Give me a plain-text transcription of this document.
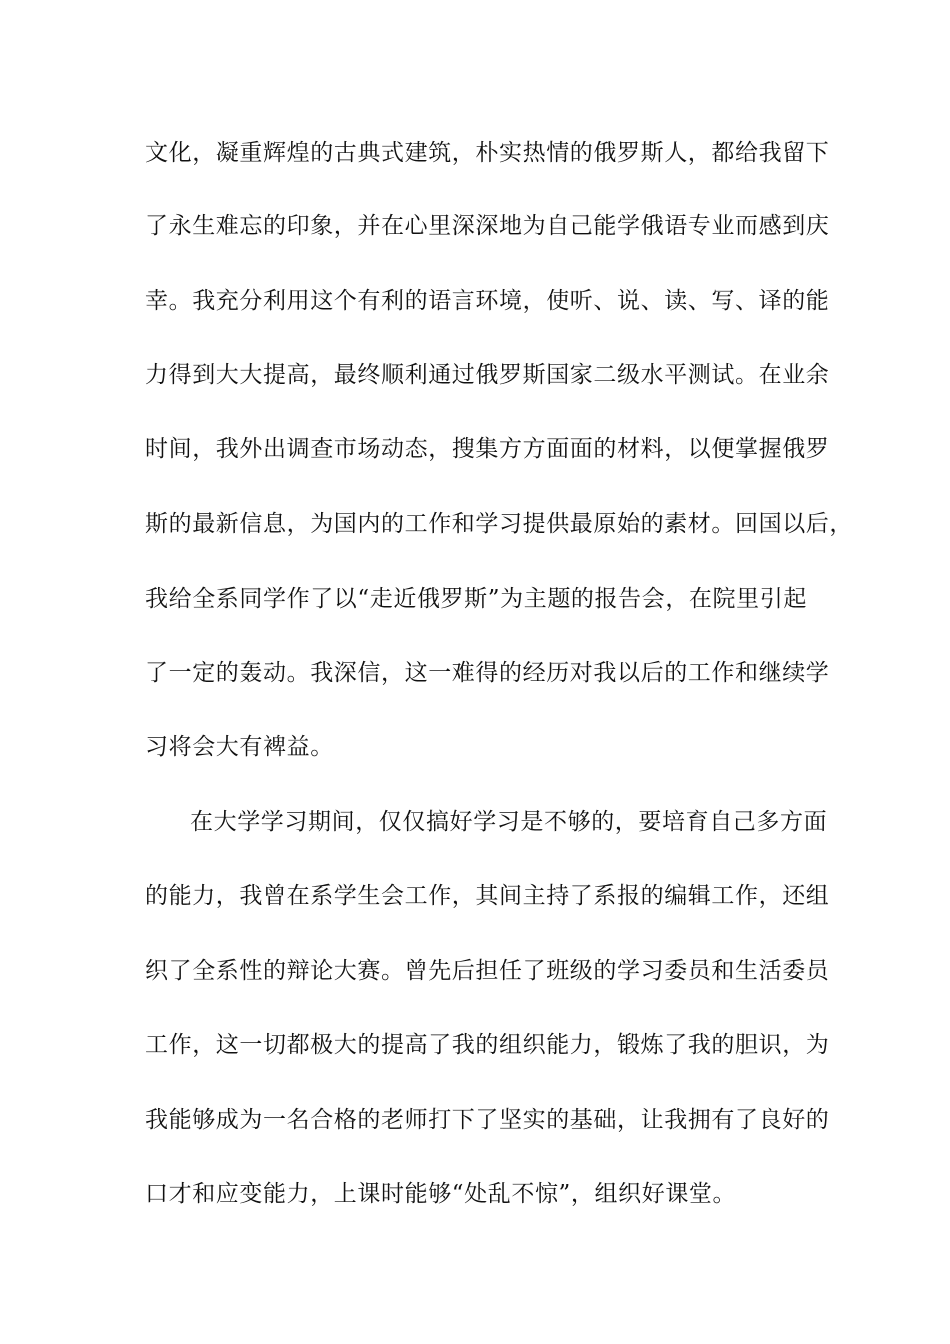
文化，凝重辉煌的古典式建筑，朴实热情的俄罗斯人，都给我留下
了永生难忘的印象，并在心里深深地为自己能学俄语专业而感到庆
幸。我充分利用这个有利的语言环境，使听、说、读、写、译的能
力得到大大提高，最终顺利通过俄罗斯国家二级水平测试。在业余
时间，我外出调查市场动态，搜集方方面面的材料，以便掌握俄罗
斯的最新信息，为国内的工作和学习提供最原始的素材。回国以后，
我给全系同学作了以“走近俄罗斯”为主题的报告会，在院里引起
了一定的轰动。我深信，这一难得的经历对我以后的工作和继续学
习将会大有裨益。
在大学学习期间，仅仅搞好学习是不够的，要培育自己多方面
的能力，我曾在系学生会工作，其间主持了系报的编辑工作，还组
织了全系性的辩论大赛。曾先后担任了班级的学习委员和生活委员
工作，这一切都极大的提高了我的组织能力，锻炼了我的胆识，为
我能够成为一名合格的老师打下了坚实的基础，让我拥有了良好的
口才和应变能力，上课时能够“处乱不惊”，组织好课堂。
